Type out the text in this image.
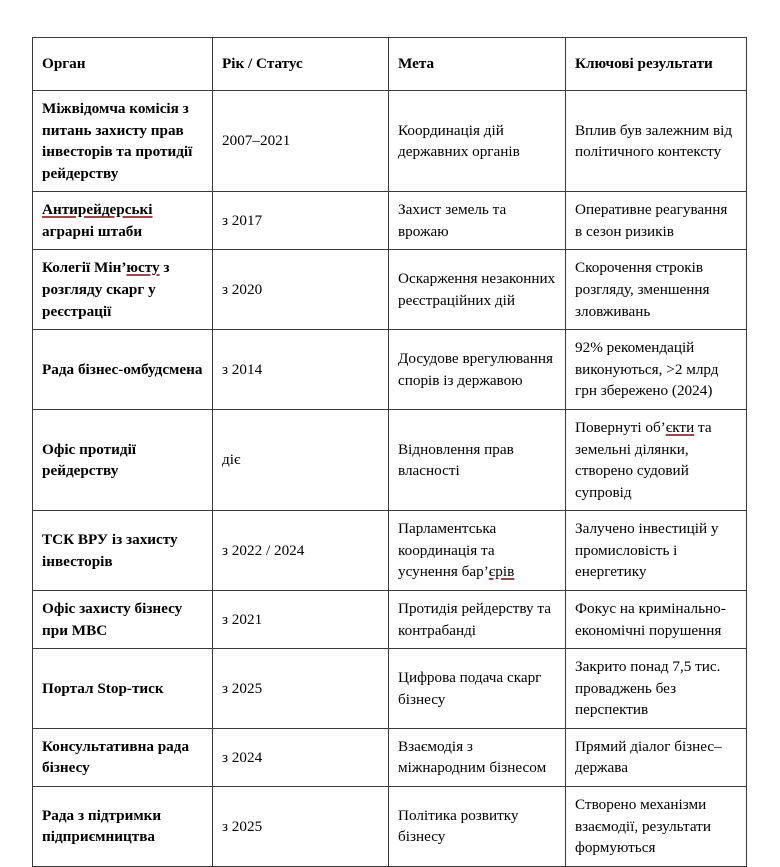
Орган	Рік / Статус	Мета	Ключові результати
Міжвідомча комісія з питань захисту прав інвесторів та протидії рейдерству	2007–2021	Координація дій державних органів	Вплив був залежним від політичного контексту
Антирейдерські аграрні штаби	з 2017	Захист земель та врожаю	Оперативне реагування в сезон ризиків
Колегії Мін’юсту з розгляду скарг у реєстрації	з 2020	Оскарження незаконних реєстраційних дій	Скорочення строків розгляду, зменшення зловживань
Рада бізнес-омбудсмена	з 2014	Досудове врегулювання спорів із державою	92% рекомендацій виконуються, >2 млрд грн збережено (2024)
Офіс протидії рейдерству	діє	Відновлення прав власності	Повернуті об’єкти та земельні ділянки, створено судовий супровід
ТСК ВРУ із захисту інвесторів	з 2022 / 2024	Парламентська координація та усунення бар’єрів	Залучено інвестицій у промисловість і енергетику
Офіс захисту бізнесу при МВС	з 2021	Протидія рейдерству та контрабанді	Фокус на кримінально-економічні порушення
Портал Stop-тиск	з 2025	Цифрова подача скарг бізнесу	Закрито понад 7,5 тис. проваджень без перспектив
Консультативна рада бізнесу	з 2024	Взаємодія з міжнародним бізнесом	Прямий діалог бізнес–держава
Рада з підтримки підприємництва	з 2025	Політика розвитку бізнесу	Створено механізми взаємодії, результати формуються
